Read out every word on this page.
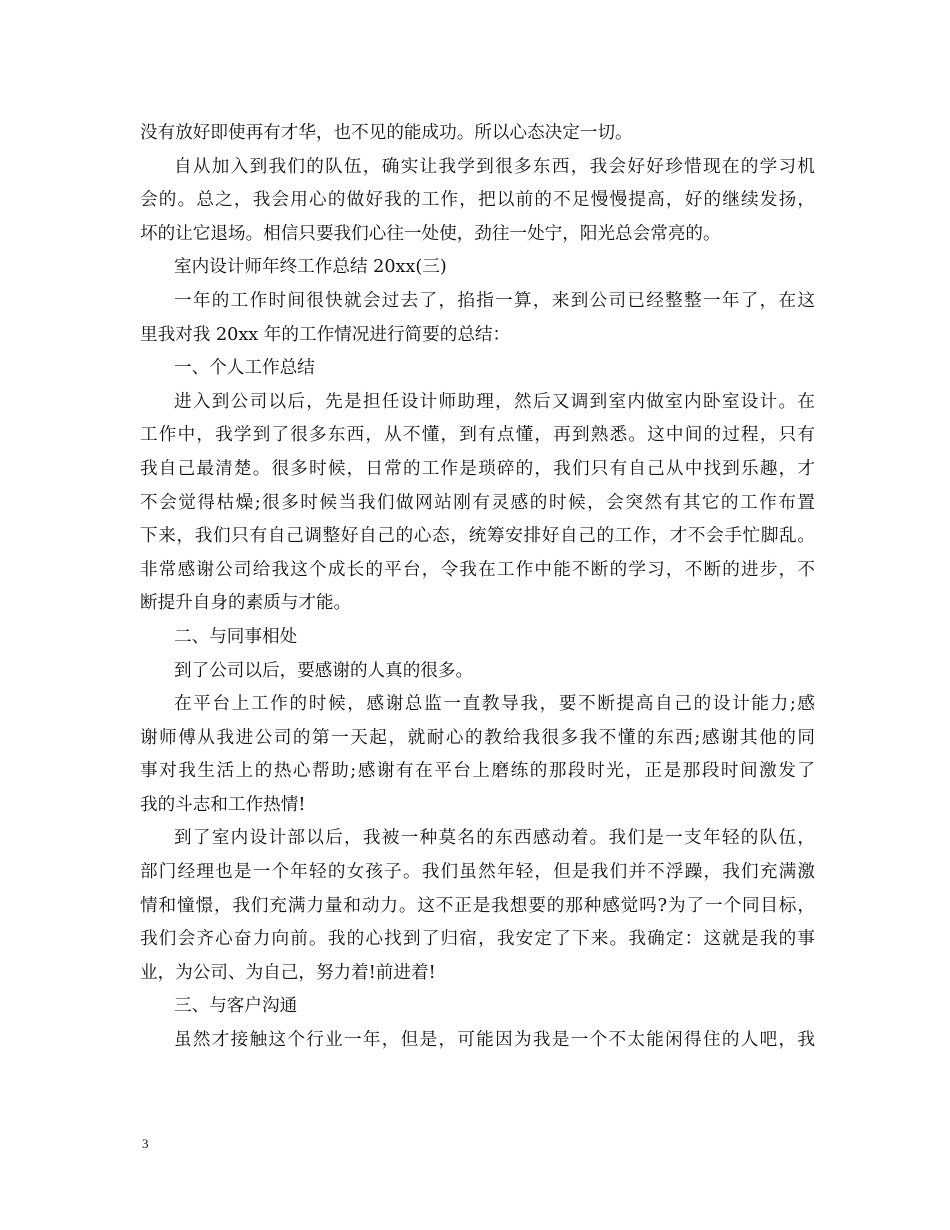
没有放好即使再有才华，也不见的能成功。所以心态决定一切。
自从加入到我们的队伍，确实让我学到很多东西，我会好好珍惜现在的学习机
会的。总之，我会用心的做好我的工作，把以前的不足慢慢提高，好的继续发扬，
坏的让它退场。相信只要我们心往一处使，劲往一处宁，阳光总会常亮的。
室内设计师年终工作总结 20xx(三)
一年的工作时间很快就会过去了，掐指一算，来到公司已经整整一年了，在这
里我对我 20xx 年的工作情况进行简要的总结：
一、个人工作总结
进入到公司以后，先是担任设计师助理，然后又调到室内做室内卧室设计。在
工作中，我学到了很多东西，从不懂，到有点懂，再到熟悉。这中间的过程，只有
我自己最清楚。很多时候，日常的工作是琐碎的，我们只有自己从中找到乐趣，才
不会觉得枯燥;很多时候当我们做网站刚有灵感的时候，会突然有其它的工作布置
下来，我们只有自己调整好自己的心态，统筹安排好自己的工作，才不会手忙脚乱。
非常感谢公司给我这个成长的平台，令我在工作中能不断的学习，不断的进步，不
断提升自身的素质与才能。
二、与同事相处
到了公司以后，要感谢的人真的很多。
在平台上工作的时候，感谢总监一直教导我，要不断提高自己的设计能力;感
谢师傅从我进公司的第一天起，就耐心的教给我很多我不懂的东西;感谢其他的同
事对我生活上的热心帮助;感谢有在平台上磨练的那段时光，正是那段时间激发了
我的斗志和工作热情!
到了室内设计部以后，我被一种莫名的东西感动着。我们是一支年轻的队伍，
部门经理也是一个年轻的女孩子。我们虽然年轻，但是我们并不浮躁，我们充满激
情和憧憬，我们充满力量和动力。这不正是我想要的那种感觉吗?为了一个同目标，
我们会齐心奋力向前。我的心找到了归宿，我安定了下来。我确定：这就是我的事
业，为公司、为自己，努力着!前进着!
三、与客户沟通
虽然才接触这个行业一年，但是，可能因为我是一个不太能闲得住的人吧，我
3
